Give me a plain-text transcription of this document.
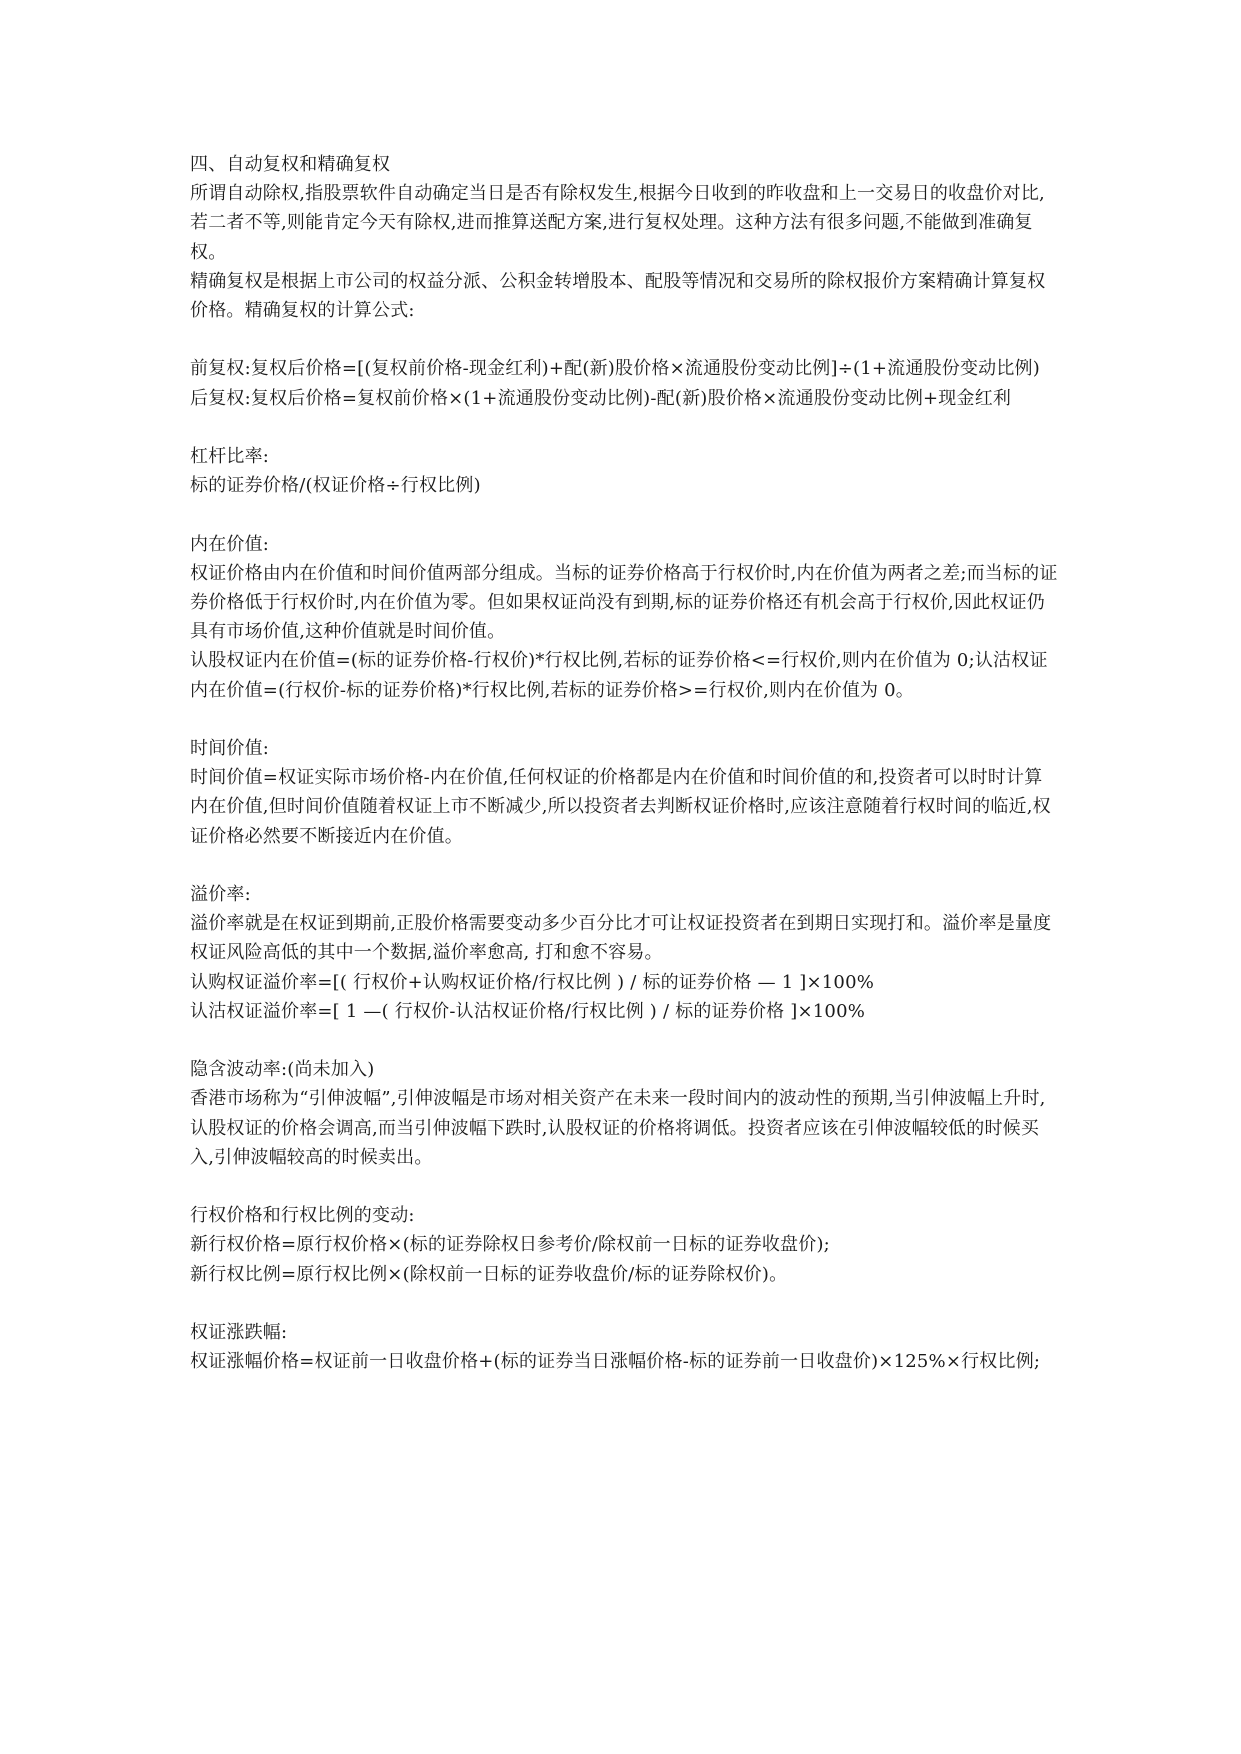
四、自动复权和精确复权

所谓自动除权,指股票软件自动确定当日是否有除权发生,根据今日收到的昨收盘和上一交易日的收盘价对比,若二者不等,则能肯定今天有除权,进而推算送配方案,进行复权处理。这种方法有很多问题,不能做到准确复权。

精确复权是根据上市公司的权益分派、公积金转增股本、配股等情况和交易所的除权报价方案精确计算复权价格。精确复权的计算公式:

前复权:复权后价格=[(复权前价格-现金红利)+配(新)股价格×流通股份变动比例]÷(1+流通股份变动比例)

后复权:复权后价格=复权前价格×(1+流通股份变动比例)-配(新)股价格×流通股份变动比例+现金红利

杠杆比率:

标的证券价格/(权证价格÷行权比例)

内在价值:

权证价格由内在价值和时间价值两部分组成。当标的证券价格高于行权价时,内在价值为两者之差;而当标的证券价格低于行权价时,内在价值为零。但如果权证尚没有到期,标的证券价格还有机会高于行权价,因此权证仍具有市场价值,这种价值就是时间价值。

认股权证内在价值=(标的证券价格-行权价)*行权比例,若标的证券价格<=行权价,则内在价值为 0;认沽权证内在价值=(行权价-标的证券价格)*行权比例,若标的证券价格>=行权价,则内在价值为 0。

时间价值:

时间价值=权证实际市场价格-内在价值,任何权证的价格都是内在价值和时间价值的和,投资者可以时时计算内在价值,但时间价值随着权证上市不断减少,所以投资者去判断权证价格时,应该注意随着行权时间的临近,权证价格必然要不断接近内在价值。

溢价率:

溢价率就是在权证到期前,正股价格需要变动多少百分比才可让权证投资者在到期日实现打和。溢价率是量度权证风险高低的其中一个数据,溢价率愈高, 打和愈不容易。

认购权证溢价率=[( 行权价+认购权证价格/行权比例 ) / 标的证券价格 — 1 ]×100%

认沽权证溢价率=[ 1 —( 行权价-认沽权证价格/行权比例 ) / 标的证券价格 ]×100%

隐含波动率:(尚未加入)

香港市场称为“引伸波幅”,引伸波幅是市场对相关资产在未来一段时间内的波动性的预期,当引伸波幅上升时,认股权证的价格会调高,而当引伸波幅下跌时,认股权证的价格将调低。投资者应该在引伸波幅较低的时候买入,引伸波幅较高的时候卖出。

行权价格和行权比例的变动:

新行权价格=原行权价格×(标的证券除权日参考价/除权前一日标的证券收盘价);

新行权比例=原行权比例×(除权前一日标的证券收盘价/标的证券除权价)。

权证涨跌幅:

权证涨幅价格=权证前一日收盘价格+(标的证券当日涨幅价格-标的证券前一日收盘价)×125%×行权比例;
